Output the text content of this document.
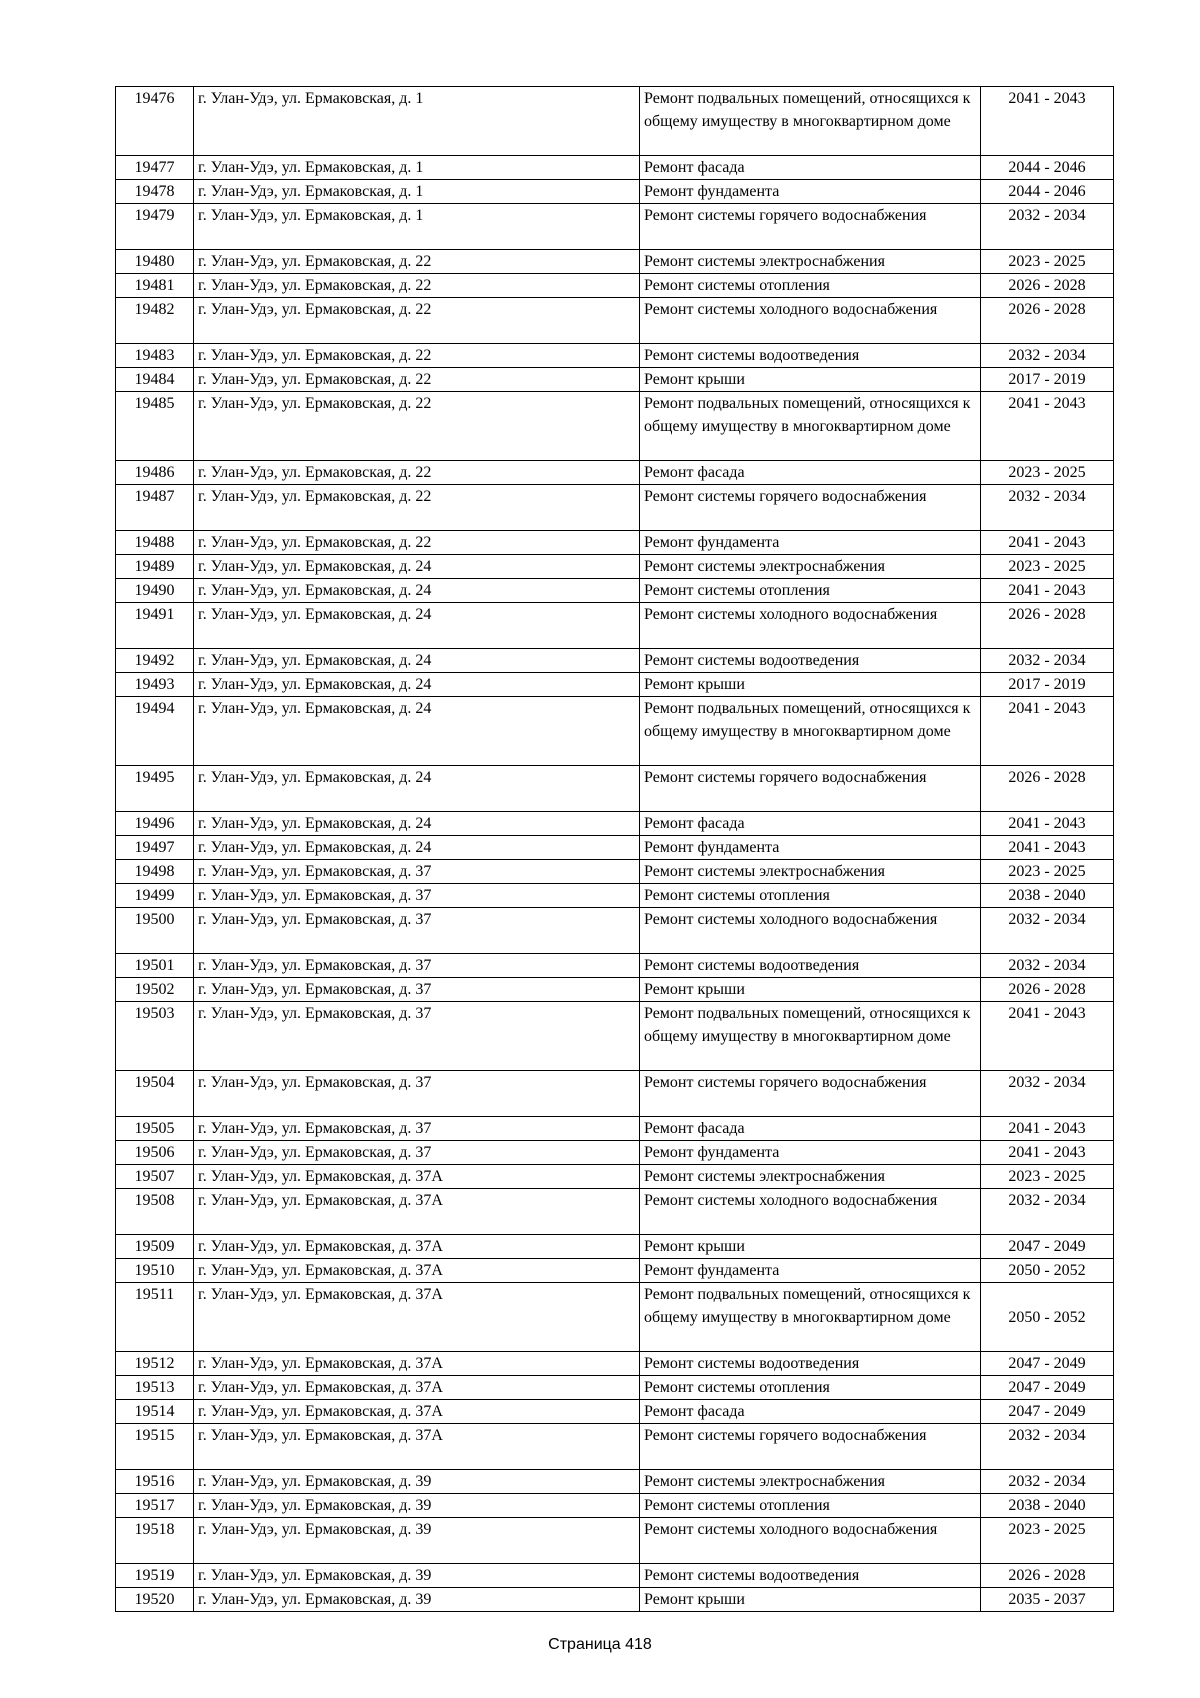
19476	г. Улан-Удэ, ул. Ермаковская, д. 1	Ремонт подвальных помещений, относящихся к общему имуществу в многоквартирном доме	2041 - 2043
19477	г. Улан-Удэ, ул. Ермаковская, д. 1	Ремонт фасада	2044 - 2046
19478	г. Улан-Удэ, ул. Ермаковская, д. 1	Ремонт фундамента	2044 - 2046
19479	г. Улан-Удэ, ул. Ермаковская, д. 1	Ремонт системы горячего водоснабжения	2032 - 2034
19480	г. Улан-Удэ, ул. Ермаковская, д. 22	Ремонт системы электроснабжения	2023 - 2025
19481	г. Улан-Удэ, ул. Ермаковская, д. 22	Ремонт системы отопления	2026 - 2028
19482	г. Улан-Удэ, ул. Ермаковская, д. 22	Ремонт системы холодного водоснабжения	2026 - 2028
19483	г. Улан-Удэ, ул. Ермаковская, д. 22	Ремонт системы водоотведения	2032 - 2034
19484	г. Улан-Удэ, ул. Ермаковская, д. 22	Ремонт крыши	2017 - 2019
19485	г. Улан-Удэ, ул. Ермаковская, д. 22	Ремонт подвальных помещений, относящихся к общему имуществу в многоквартирном доме	2041 - 2043
19486	г. Улан-Удэ, ул. Ермаковская, д. 22	Ремонт фасада	2023 - 2025
19487	г. Улан-Удэ, ул. Ермаковская, д. 22	Ремонт системы горячего водоснабжения	2032 - 2034
19488	г. Улан-Удэ, ул. Ермаковская, д. 22	Ремонт фундамента	2041 - 2043
19489	г. Улан-Удэ, ул. Ермаковская, д. 24	Ремонт системы электроснабжения	2023 - 2025
19490	г. Улан-Удэ, ул. Ермаковская, д. 24	Ремонт системы отопления	2041 - 2043
19491	г. Улан-Удэ, ул. Ермаковская, д. 24	Ремонт системы холодного водоснабжения	2026 - 2028
19492	г. Улан-Удэ, ул. Ермаковская, д. 24	Ремонт системы водоотведения	2032 - 2034
19493	г. Улан-Удэ, ул. Ермаковская, д. 24	Ремонт крыши	2017 - 2019
19494	г. Улан-Удэ, ул. Ермаковская, д. 24	Ремонт подвальных помещений, относящихся к общему имуществу в многоквартирном доме	2041 - 2043
19495	г. Улан-Удэ, ул. Ермаковская, д. 24	Ремонт системы горячего водоснабжения	2026 - 2028
19496	г. Улан-Удэ, ул. Ермаковская, д. 24	Ремонт фасада	2041 - 2043
19497	г. Улан-Удэ, ул. Ермаковская, д. 24	Ремонт фундамента	2041 - 2043
19498	г. Улан-Удэ, ул. Ермаковская, д. 37	Ремонт системы электроснабжения	2023 - 2025
19499	г. Улан-Удэ, ул. Ермаковская, д. 37	Ремонт системы отопления	2038 - 2040
19500	г. Улан-Удэ, ул. Ермаковская, д. 37	Ремонт системы холодного водоснабжения	2032 - 2034
19501	г. Улан-Удэ, ул. Ермаковская, д. 37	Ремонт системы водоотведения	2032 - 2034
19502	г. Улан-Удэ, ул. Ермаковская, д. 37	Ремонт крыши	2026 - 2028
19503	г. Улан-Удэ, ул. Ермаковская, д. 37	Ремонт подвальных помещений, относящихся к общему имуществу в многоквартирном доме	2041 - 2043
19504	г. Улан-Удэ, ул. Ермаковская, д. 37	Ремонт системы горячего водоснабжения	2032 - 2034
19505	г. Улан-Удэ, ул. Ермаковская, д. 37	Ремонт фасада	2041 - 2043
19506	г. Улан-Удэ, ул. Ермаковская, д. 37	Ремонт фундамента	2041 - 2043
19507	г. Улан-Удэ, ул. Ермаковская, д. 37А	Ремонт системы электроснабжения	2023 - 2025
19508	г. Улан-Удэ, ул. Ермаковская, д. 37А	Ремонт системы холодного водоснабжения	2032 - 2034
19509	г. Улан-Удэ, ул. Ермаковская, д. 37А	Ремонт крыши	2047 - 2049
19510	г. Улан-Удэ, ул. Ермаковская, д. 37А	Ремонт фундамента	2050 - 2052
19511	г. Улан-Удэ, ул. Ермаковская, д. 37А	Ремонт подвальных помещений, относящихся к общему имуществу в многоквартирном доме	2050 - 2052
19512	г. Улан-Удэ, ул. Ермаковская, д. 37А	Ремонт системы водоотведения	2047 - 2049
19513	г. Улан-Удэ, ул. Ермаковская, д. 37А	Ремонт системы отопления	2047 - 2049
19514	г. Улан-Удэ, ул. Ермаковская, д. 37А	Ремонт фасада	2047 - 2049
19515	г. Улан-Удэ, ул. Ермаковская, д. 37А	Ремонт системы горячего водоснабжения	2032 - 2034
19516	г. Улан-Удэ, ул. Ермаковская, д. 39	Ремонт системы электроснабжения	2032 - 2034
19517	г. Улан-Удэ, ул. Ермаковская, д. 39	Ремонт системы отопления	2038 - 2040
19518	г. Улан-Удэ, ул. Ермаковская, д. 39	Ремонт системы холодного водоснабжения	2023 - 2025
19519	г. Улан-Удэ, ул. Ермаковская, д. 39	Ремонт системы водоотведения	2026 - 2028
19520	г. Улан-Удэ, ул. Ермаковская, д. 39	Ремонт крыши	2035 - 2037
Страница 418
